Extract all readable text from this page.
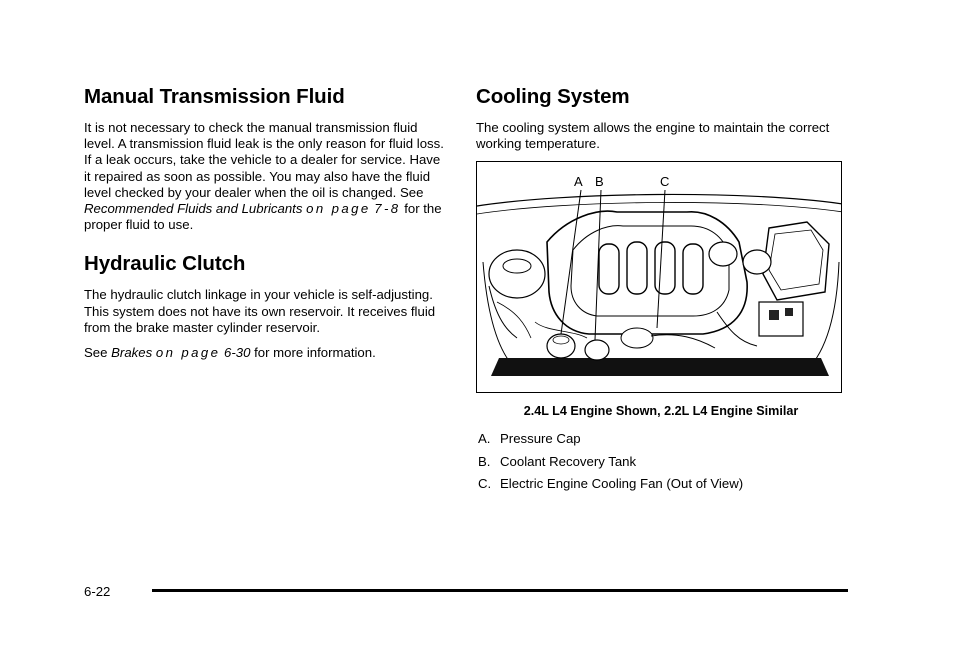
Manual Transmission Fluid

It is not necessary to check the manual transmission fluid level. A transmission fluid leak is the only reason for fluid loss. If a leak occurs, take the vehicle to a dealer for service. Have it repaired as soon as possible. You may also have the fluid level checked by your dealer when the oil is changed. See Recommended Fluids and Lubricants on page 7-8 for the proper fluid to use.

Hydraulic Clutch

The hydraulic clutch linkage in your vehicle is self-adjusting. This system does not have its own reservoir. It receives fluid from the brake master cylinder reservoir.

See Brakes on page 6-30 for more information.

Cooling System

The cooling system allows the engine to maintain the correct working temperature.

A B	C
2.4L L4 Engine Shown, 2.2L L4 Engine Similar
A. Pressure Cap
B. Coolant Recovery Tank
C. Electric Engine Cooling Fan (Out of View)
6-22
